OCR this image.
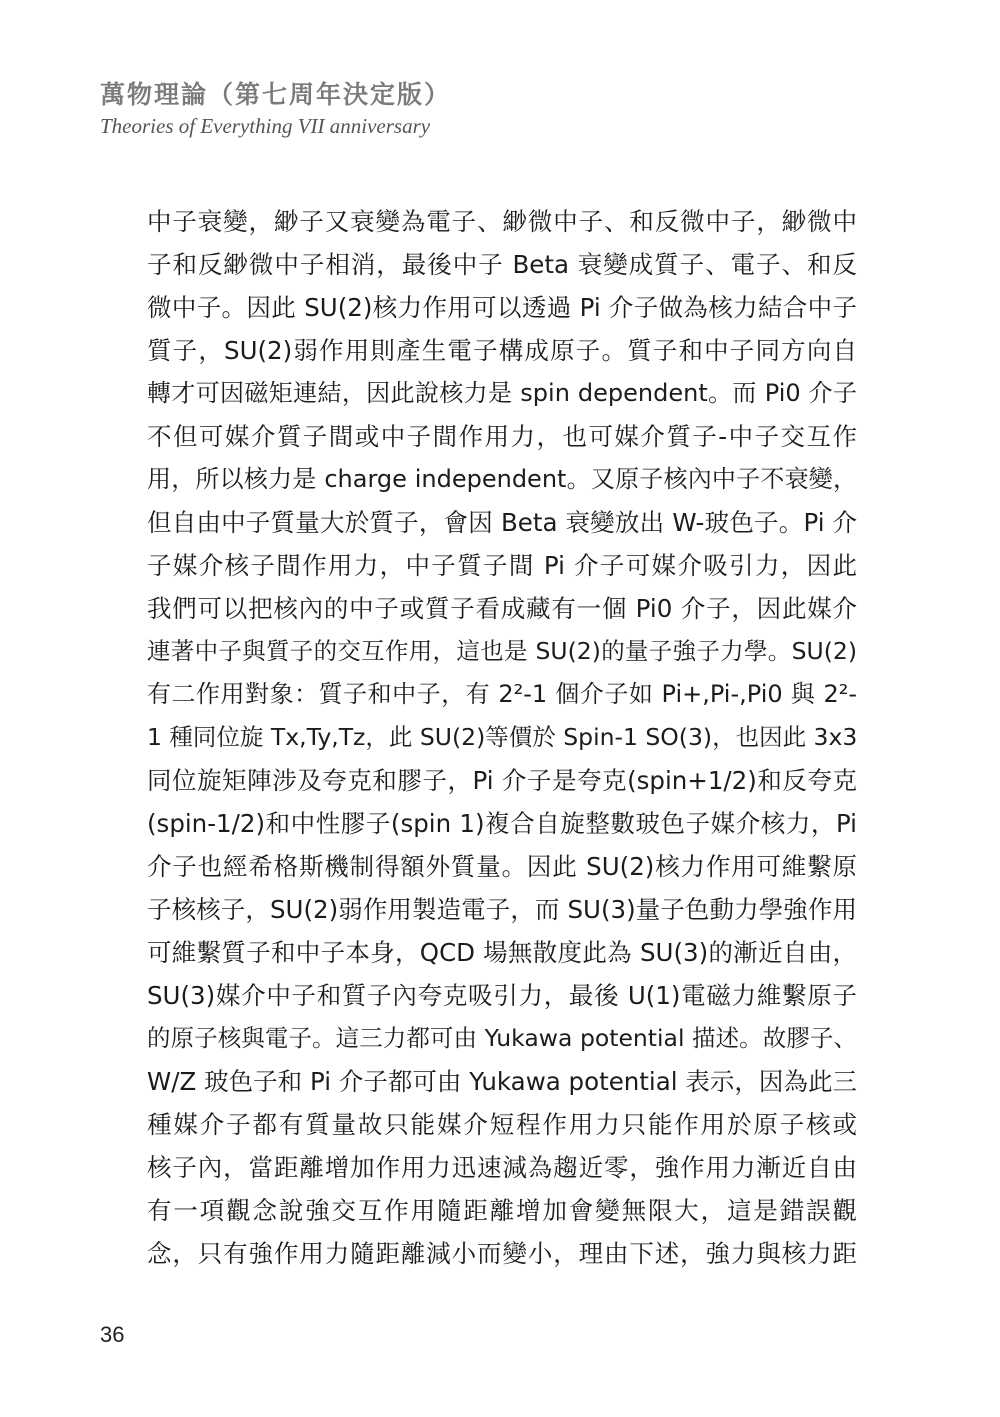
萬物理論（第七周年決定版）
Theories of Everything VII anniversary
中子衰變，緲子又衰變為電子、緲微中子、和反微中子，緲微中
子和反緲微中子相消，最後中子 Beta 衰變成質子、電子、和反
微中子。因此 SU(2)核力作用可以透過 Pi 介子做為核力結合中子
質子，SU(2)弱作用則產生電子構成原子。質子和中子同方向自
轉才可因磁矩連結，因此說核力是 spin dependent。而 Pi0 介子
不但可媒介質子間或中子間作用力，也可媒介質子-中子交互作
用，所以核力是 charge independent。又原子核內中子不衰變，
但自由中子質量大於質子，會因 Beta 衰變放出 W-玻色子。Pi 介
子媒介核子間作用力，中子質子間 Pi 介子可媒介吸引力，因此
我們可以把核內的中子或質子看成藏有一個 Pi0 介子，因此媒介
連著中子與質子的交互作用，這也是 SU(2)的量子強子力學。SU(2)
有二作用對象：質子和中子，有 2²-1 個介子如 Pi+,Pi-,Pi0 與 2²-
1 種同位旋 Tx,Ty,Tz，此 SU(2)等價於 Spin-1 SO(3)，也因此 3x3
同位旋矩陣涉及夸克和膠子，Pi 介子是夸克(spin+1/2)和反夸克
(spin-1/2)和中性膠子(spin 1)複合自旋整數玻色子媒介核力，Pi
介子也經希格斯機制得額外質量。因此 SU(2)核力作用可維繫原
子核核子，SU(2)弱作用製造電子，而 SU(3)量子色動力學強作用
可維繫質子和中子本身，QCD 場無散度此為 SU(3)的漸近自由，
SU(3)媒介中子和質子內夸克吸引力，最後 U(1)電磁力維繫原子
的原子核與電子。這三力都可由 Yukawa potential 描述。故膠子、
W/Z 玻色子和 Pi 介子都可由 Yukawa potential 表示，因為此三
種媒介子都有質量故只能媒介短程作用力只能作用於原子核或
核子內，當距離增加作用力迅速減為趨近零，強作用力漸近自由
有一項觀念說強交互作用隨距離增加會變無限大，這是錯誤觀
念，只有強作用力隨距離減小而變小，理由下述，強力與核力距
36
